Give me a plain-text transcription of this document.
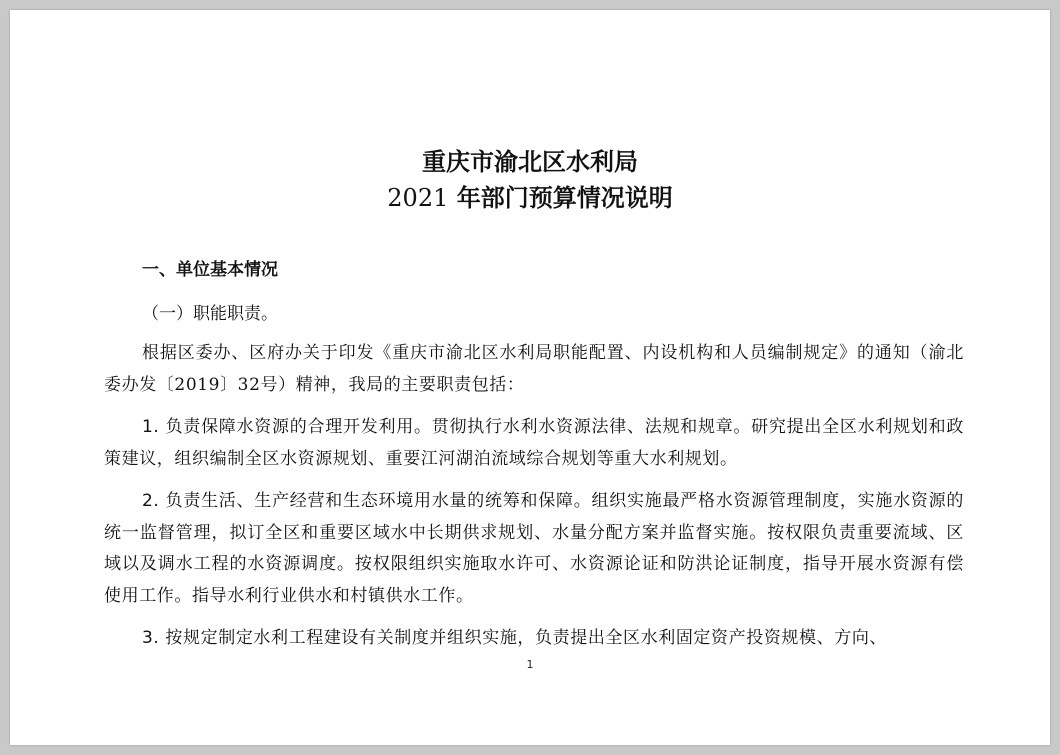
重庆市渝北区水利局
2021 年部门预算情况说明
一、单位基本情况
（一）职能职责。
根据区委办、区府办关于印发《重庆市渝北区水利局职能配置、内设机构和人员编制规定》的通知（渝北委办发〔2019〕32号）精神，我局的主要职责包括：
1. 负责保障水资源的合理开发利用。贯彻执行水利水资源法律、法规和规章。研究提出全区水利规划和政策建议，组织编制全区水资源规划、重要江河湖泊流域综合规划等重大水利规划。
2. 负责生活、生产经营和生态环境用水量的统筹和保障。组织实施最严格水资源管理制度，实施水资源的统一监督管理，拟订全区和重要区域水中长期供求规划、水量分配方案并监督实施。按权限负责重要流域、区域以及调水工程的水资源调度。按权限组织实施取水许可、水资源论证和防洪论证制度，指导开展水资源有偿使用工作。指导水利行业供水和村镇供水工作。
3. 按规定制定水利工程建设有关制度并组织实施，负责提出全区水利固定资产投资规模、方向、
1
